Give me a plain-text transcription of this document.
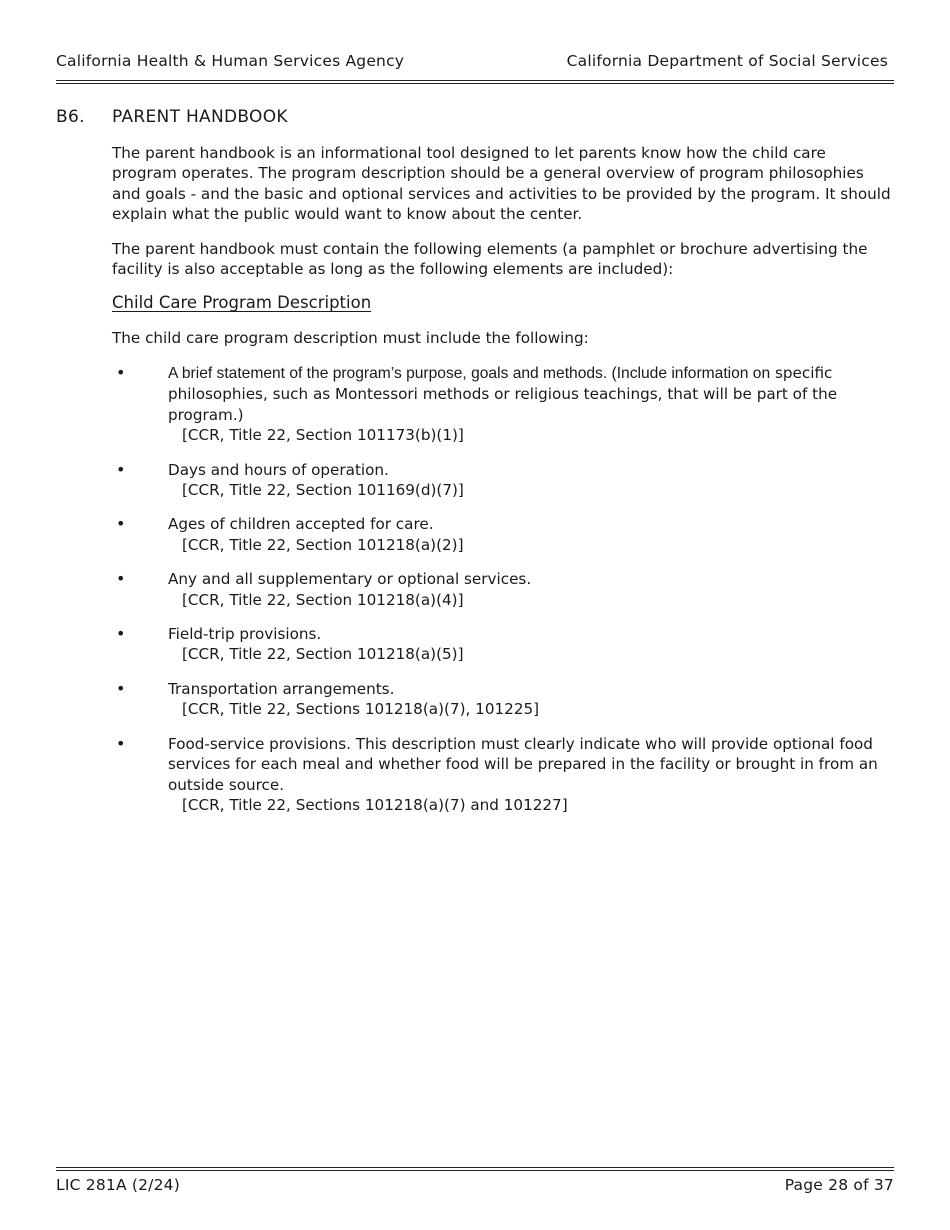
California Health & Human Services Agency	California Department of Social Services
B6. PARENT HANDBOOK

The parent handbook is an informational tool designed to let parents know how the child care program operates. The program description should be a general overview of program philosophies and goals - and the basic and optional services and activities to be provided by the program. It should explain what the public would want to know about the center.

The parent handbook must contain the following elements (a pamphlet or brochure advertising the facility is also acceptable as long as the following elements are included):

Child Care Program Description

The child care program description must include the following:

•	A brief statement of the program’s purpose, goals and methods. (Include information on specific philosophies, such as Montessori methods or religious teachings, that will be part of the program.)
[CCR, Title 22, Section 101173(b)(1)]
•	Days and hours of operation.
[CCR, Title 22, Section 101169(d)(7)]
•	Ages of children accepted for care.
[CCR, Title 22, Section 101218(a)(2)]
•	Any and all supplementary or optional services.
[CCR, Title 22, Section 101218(a)(4)]
•	Field-trip provisions.
[CCR, Title 22, Section 101218(a)(5)]
•	Transportation arrangements.
[CCR, Title 22, Sections 101218(a)(7), 101225]
•	Food-service provisions. This description must clearly indicate who will provide optional food services for each meal and whether food will be prepared in the facility or brought in from an outside source.
[CCR, Title 22, Sections 101218(a)(7) and 101227]
LIC 281A (2/24)	Page 28 of 37
